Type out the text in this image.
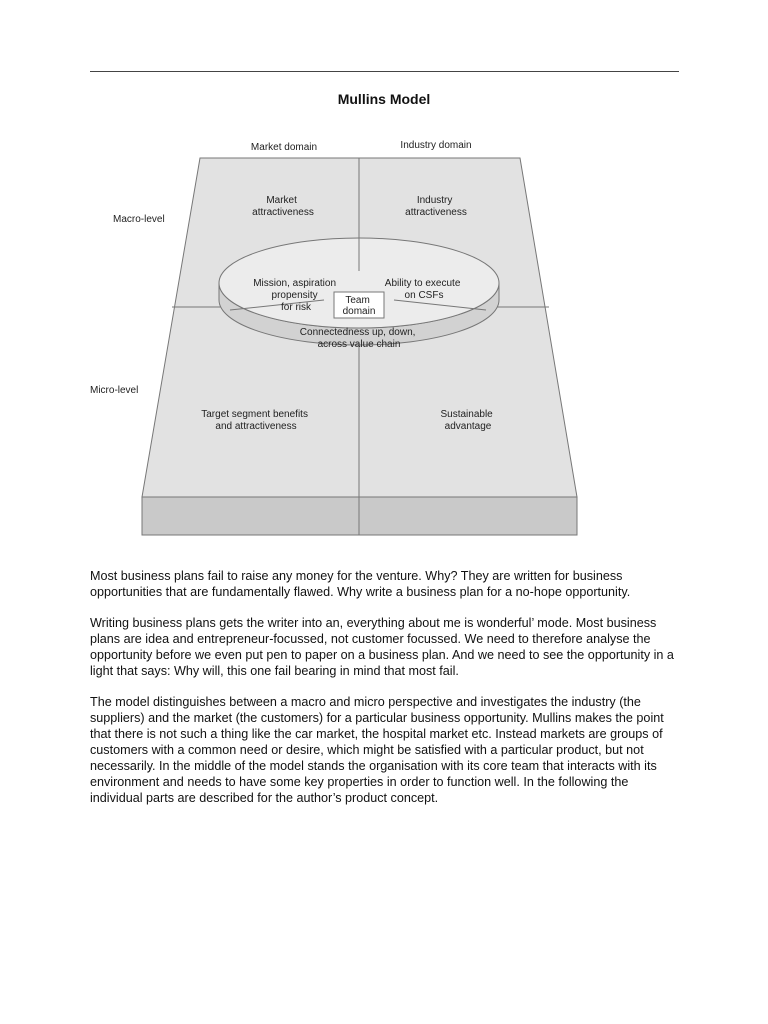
Mullins Model
Market domain	Industry domain
Macro-level
Micro-level
Market attractiveness
Industry attractiveness
Mission, aspiration propensity for risk
Ability to execute on CSFs
Team domain
Connectedness up, down, across value chain
Target segment benefits and attractiveness
Sustainable advantage

Most business plans fail to raise any money for the venture. Why? They are written for business opportunities that are fundamentally flawed. Why write a business plan for a no-hope opportunity.

Writing business plans gets the writer into an, everything about me is wonderful’ mode. Most business plans are idea and entrepreneur-focussed, not customer focussed. We need to therefore analyse the opportunity before we even put pen to paper on a business plan. And we need to see the opportunity in a light that says: Why will, this one fail bearing in mind that most fail.

The model distinguishes between a macro and micro perspective and investigates the industry (the suppliers) and the market (the customers) for a particular business opportunity. Mullins makes the point that there is not such a thing like the car market, the hospital market etc. Instead markets are groups of customers with a common need or desire, which might be satisfied with a particular product, but not necessarily. In the middle of the model stands the organisation with its core team that interacts with its environment and needs to have some key properties in order to function well. In the following the individual parts are described for the author’s product concept.
